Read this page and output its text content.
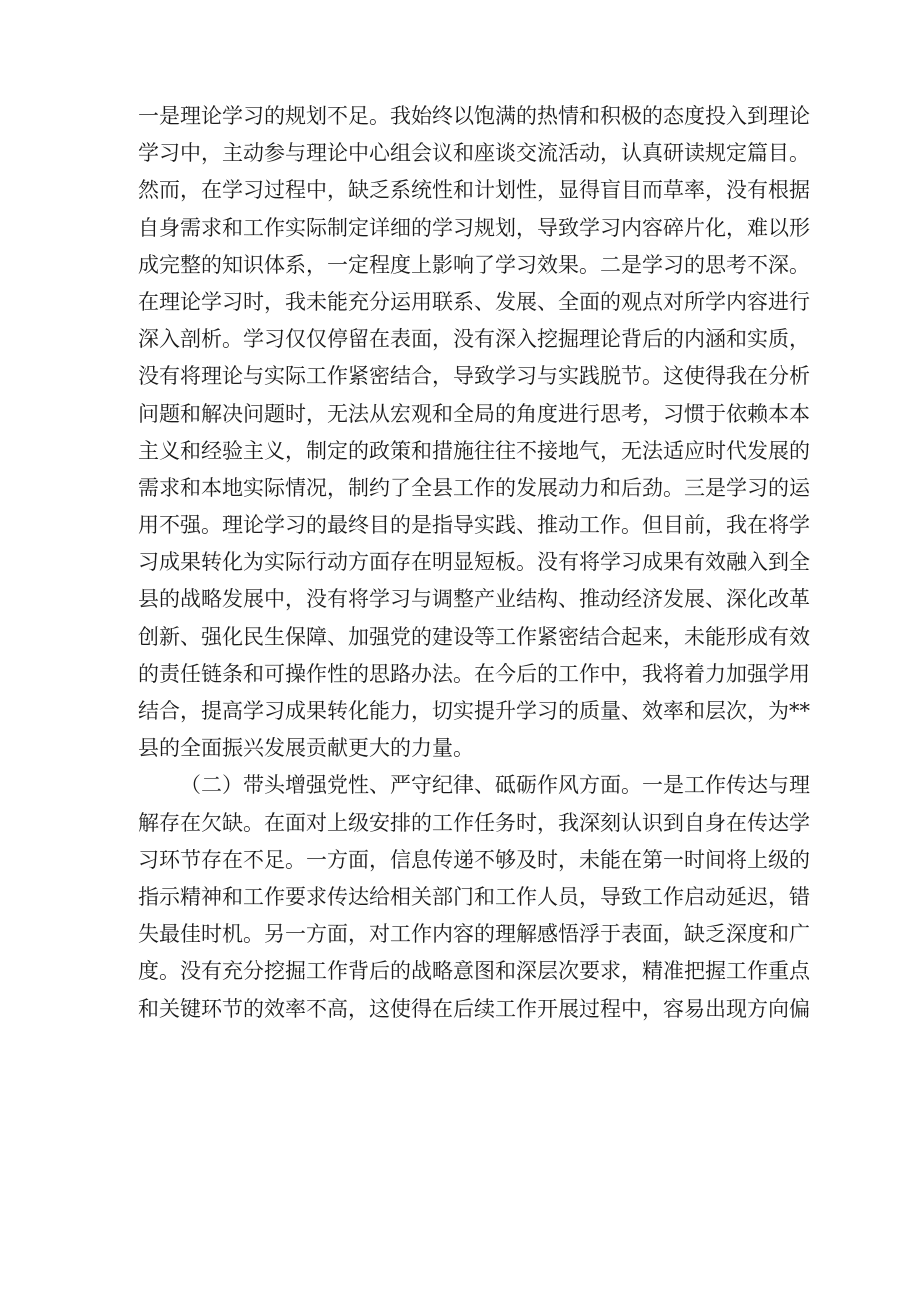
一是理论学习的规划不足。我始终以饱满的热情和积极的态度投入到理论
学习中，主动参与理论中心组会议和座谈交流活动，认真研读规定篇目。
然而，在学习过程中，缺乏系统性和计划性，显得盲目而草率，没有根据
自身需求和工作实际制定详细的学习规划，导致学习内容碎片化，难以形
成完整的知识体系，一定程度上影响了学习效果。二是学习的思考不深。
在理论学习时，我未能充分运用联系、发展、全面的观点对所学内容进行
深入剖析。学习仅仅停留在表面，没有深入挖掘理论背后的内涵和实质，
没有将理论与实际工作紧密结合，导致学习与实践脱节。这使得我在分析
问题和解决问题时，无法从宏观和全局的角度进行思考，习惯于依赖本本
主义和经验主义，制定的政策和措施往往不接地气，无法适应时代发展的
需求和本地实际情况，制约了全县工作的发展动力和后劲。三是学习的运
用不强。理论学习的最终目的是指导实践、推动工作。但目前，我在将学
习成果转化为实际行动方面存在明显短板。没有将学习成果有效融入到全
县的战略发展中，没有将学习与调整产业结构、推动经济发展、深化改革
创新、强化民生保障、加强党的建设等工作紧密结合起来，未能形成有效
的责任链条和可操作性的思路办法。在今后的工作中，我将着力加强学用
结合，提高学习成果转化能力，切实提升学习的质量、效率和层次，为**
县的全面振兴发展贡献更大的力量。
（二）带头增强党性、严守纪律、砥砺作风方面。一是工作传达与理
解存在欠缺。在面对上级安排的工作任务时，我深刻认识到自身在传达学
习环节存在不足。一方面，信息传递不够及时，未能在第一时间将上级的
指示精神和工作要求传达给相关部门和工作人员，导致工作启动延迟，错
失最佳时机。另一方面，对工作内容的理解感悟浮于表面，缺乏深度和广
度。没有充分挖掘工作背后的战略意图和深层次要求，精准把握工作重点
和关键环节的效率不高，这使得在后续工作开展过程中，容易出现方向偏
